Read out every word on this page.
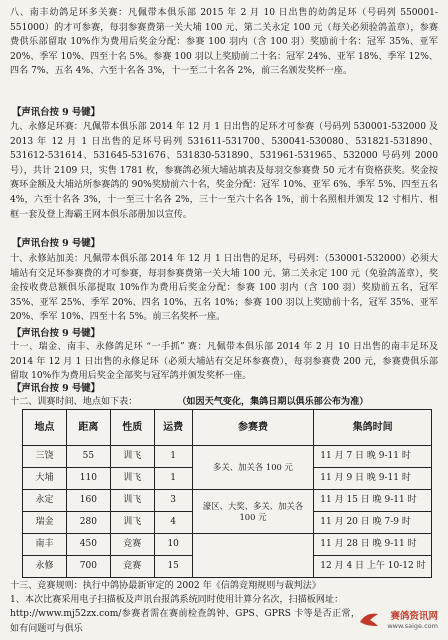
八、南丰幼鸽足环多关赛：凡佩带本俱乐部 2015 年 2 月 10 日出售的幼鸽足环（号码列 550001-551000）的才可参赛，每羽参赛费第一关大埔 100 元、第二关永定 100 元（每关必须验鸽盖章），参赛费供乐部留取 10%作为费用后奖金分配：参赛 100 羽内（含 100 羽）奖励前十名：冠军 35%、亚军 20%、季军 10%、四至十名 5%。参赛 100 羽以上奖励前二十名：冠军 24%、亚军 18%、季军 12%、四名 7%、五名 4%、六至十名各 3%，十一至二十名各 2%，前三名颁发奖杯一座。
【声讯台按 9 号键】
九、永修足环赛：凡佩带本俱乐部 2014 年 12 月 1 日出售的足环才可参赛（号码列 530001-532000 及 2013 年 12 月 1 日出售的足环号码列 531611-531700、530041-530080、531821-531890、531612-531614、531645-531676、531830-531890、531961-531965、532000 号码列 2000 号），共计 2109 只，实售 1781 枚，参赛鸽必须大埔站填表及每羽交参赛费 50 元才有资格获奖。奖金按赛环金额及大埔站所参赛鸽的 90%奖励前六十名，奖金分配：冠军 10%、亚军 6%、季军 5%、四至五名 4%，六至十名各 3%，十一至三十名各 2%，三十一至六十名各 1%，前十名照相并颁发 12 寸相片、相框一套及登上海霸王网本俱乐部册加以宣传。
【声讯台按 9 号键】
十、永修站加美：凡佩带本俱乐部 2014 年 12 月 1 日出售的足环，号码列：（530001-532000）必须大埔站有交足环参赛费的才可参赛，每羽参赛费第一关大埔 100 元、第二关永定 100 元（免验鸽盖章），奖金按收费总额俱乐部提取 10%作为费用后奖金分配：参赛 100 羽内（含 100 羽）奖励前五名，冠军 35%、亚军 25%、季军 20%、四名 10%、五名 10%；参赛 100 羽以上奖励前十名，冠军 35%、亚军 20%、季军 10%、四至十名 5%。前三名奖杯一座。
【声讯台按 9 号键】
十一、瑞金、南丰、永修鸽足环 “一手抓” 赛：凡佩带本俱乐部 2014 年 2 月 10 日出售的南丰足环及 2014 年 12 月 1 日出售的永修足环（必须大埔站有交足环参赛费），每羽参赛费 200 元，参赛费俱乐部留取 10%作为费用后奖金全部奖与冠军鸽并颁发奖杯一座。
【声讯台按 9 号键】
十二、训赛时间、地点如下表：	（如因天气变化，集鸽日期以俱乐部公布为准）
地点	距离	性质	运费	参赛费	集鸽时间
三饶	55	训飞	1	多关、加关各 100 元	11 月 7 日 晚 9-11 时
大埔	110	训飞	1		11 月 9 日 晚 9-11 时
永定	160	训飞	3	濠区、大奖、多关、加关各 100 元	11 月 15 日 晚 9-11 时
瑞金	280	训飞	4		11 月 20 日 晚 7-9 时
南丰	450	竞赛	10		11 月 28 日 晚 9-11 时
永修	700	竞赛	15		12 月 4 日 上午 10-12 时
十三、竞赛规则：执行中鸽协最新审定的 2002 年《信鸽竞翔规则与裁判法》
1、本次比赛采用电子扫描板及声讯台报鸽系统同时使用计算分名次，扫描板网址：
http://www.mj52zx.com/参赛者需在赛前检查鸽钟、GPS、GPRS 卡等是否正常，如有问题可与俱乐
赛鸽资讯网
www.saige.com
